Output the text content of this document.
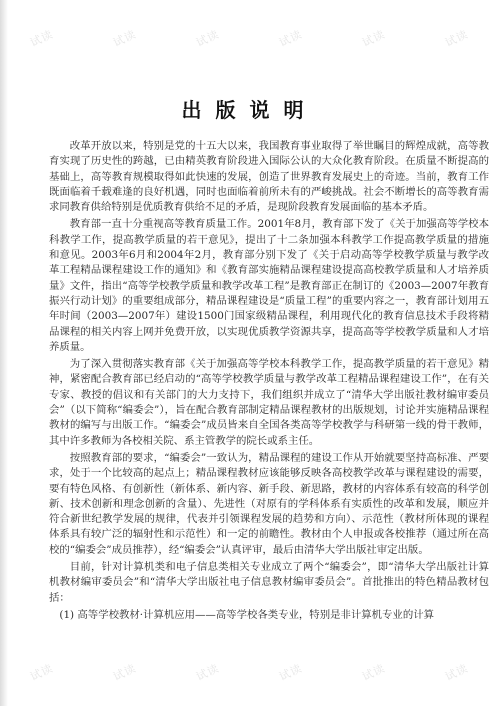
试读	试读	试读	试读	试读	试读
试读	试读	试读	试读	试读	试读
出版说明

改革开放以来，特别是党的十五大以来，我国教育事业取得了举世瞩目的辉煌成就，高等教育实现了历史性的跨越，已由精英教育阶段进入国际公认的大众化教育阶段。在质量不断提高的基础上，高等教育规模取得如此快速的发展，创造了世界教育发展史上的奇迹。当前，教育工作既面临着千载难逢的良好机遇，同时也面临着前所未有的严峻挑战。社会不断增长的高等教育需求同教育供给特别是优质教育供给不足的矛盾，是现阶段教育发展面临的基本矛盾。

教育部一直十分重视高等教育质量工作。2001年8月，教育部下发了《关于加强高等学校本科教学工作，提高教学质量的若干意见》，提出了十二条加强本科教学工作提高教学质量的措施和意见。2003年6月和2004年2月，教育部分别下发了《关于启动高等学校教学质量与教学改革工程精品课程建设工作的通知》和《教育部实施精品课程建设提高高校教学质量和人才培养质量》文件，指出“高等学校教学质量和教学改革工程”是教育部正在制订的《2003—2007年教育振兴行动计划》的重要组成部分，精品课程建设是“质量工程”的重要内容之一，教育部计划用五年时间（2003—2007年）建设1500门国家级精品课程，利用现代化的教育信息技术手段将精品课程的相关内容上网并免费开放，以实现优质教学资源共享，提高高等学校教学质量和人才培养质量。

为了深入贯彻落实教育部《关于加强高等学校本科教学工作，提高教学质量的若干意见》精神，紧密配合教育部已经启动的“高等学校教学质量与教学改革工程精品课程建设工作”，在有关专家、教授的倡议和有关部门的大力支持下，我们组织并成立了“清华大学出版社教材编审委员会”（以下简称“编委会”），旨在配合教育部制定精品课程教材的出版规划，讨论并实施精品课程教材的编写与出版工作。“编委会”成员皆来自全国各类高等学校教学与科研第一线的骨干教师，其中许多教师为各校相关院、系主管教学的院长或系主任。

按照教育部的要求，“编委会”一致认为，精品课程的建设工作从开始就要坚持高标准、严要求，处于一个比较高的起点上；精品课程教材应该能够反映各高校教学改革与课程建设的需要，要有特色风格、有创新性（新体系、新内容、新手段、新思路，教材的内容体系有较高的科学创新、技术创新和理念创新的含量）、先进性（对原有的学科体系有实质性的改革和发展，顺应并符合新世纪教学发展的规律，代表并引领课程发展的趋势和方向）、示范性（教材所体现的课程体系具有较广泛的辐射性和示范性）和一定的前瞻性。教材由个人申报或各校推荐（通过所在高校的“编委会”成员推荐），经“编委会”认真评审，最后由清华大学出版社审定出版。

目前，针对计算机类和电子信息类相关专业成立了两个“编委会”，即“清华大学出版社计算机教材编审委员会”和“清华大学出版社电子信息教材编审委员会”。首批推出的特色精品教材包括：

(1) 高等学校教材·计算机应用——高等学校各类专业，特别是非计算机专业的计算
